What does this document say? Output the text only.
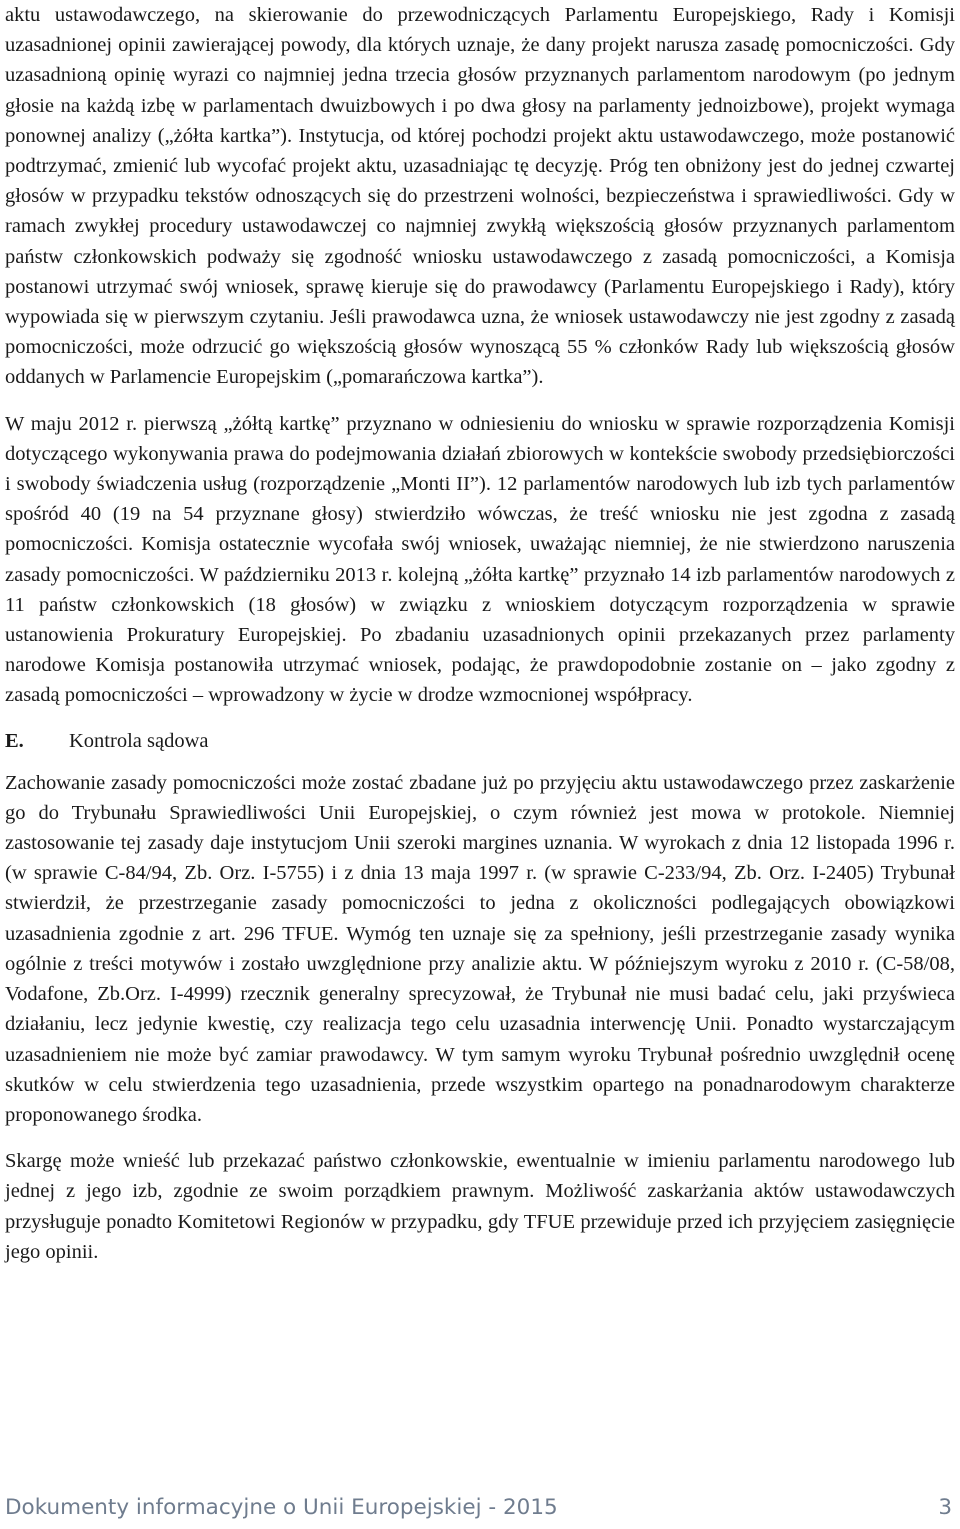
aktu ustawodawczego, na skierowanie do przewodniczących Parlamentu Europejskiego, Rady i Komisji uzasadnionej opinii zawierającej powody, dla których uznaje, że dany projekt narusza zasadę pomocniczości. Gdy uzasadnioną opinię wyrazi co najmniej jedna trzecia głosów przyznanych parlamentom narodowym (po jednym głosie na każdą izbę w parlamentach dwuizbowych i po dwa głosy na parlamenty jednoizbowe), projekt wymaga ponownej analizy („żółta kartka”). Instytucja, od której pochodzi projekt aktu ustawodawczego, może postanowić podtrzymać, zmienić lub wycofać projekt aktu, uzasadniając tę decyzję. Próg ten obniżony jest do jednej czwartej głosów w przypadku tekstów odnoszących się do przestrzeni wolności, bezpieczeństwa i sprawiedliwości. Gdy w ramach zwykłej procedury ustawodawczej co najmniej zwykłą większością głosów przyznanych parlamentom państw członkowskich podważy się zgodność wniosku ustawodawczego z zasadą pomocniczości, a Komisja postanowi utrzymać swój wniosek, sprawę kieruje się do prawodawcy (Parlamentu Europejskiego i Rady), który wypowiada się w pierwszym czytaniu. Jeśli prawodawca uzna, że wniosek ustawodawczy nie jest zgodny z zasadą pomocniczości, może odrzucić go większością głosów wynoszącą 55 % członków Rady lub większością głosów oddanych w Parlamencie Europejskim („pomarańczowa kartka”).

W maju 2012 r. pierwszą „żółtą kartkę” przyznano w odniesieniu do wniosku w sprawie rozporządzenia Komisji dotyczącego wykonywania prawa do podejmowania działań zbiorowych w kontekście swobody przedsiębiorczości i swobody świadczenia usług (rozporządzenie „Monti II”). 12 parlamentów narodowych lub izb tych parlamentów spośród 40 (19 na 54 przyznane głosy) stwierdziło wówczas, że treść wniosku nie jest zgodna z zasadą pomocniczości. Komisja ostatecznie wycofała swój wniosek, uważając niemniej, że nie stwierdzono naruszenia zasady pomocniczości. W październiku 2013 r. kolejną „żółta kartkę” przyznało 14 izb parlamentów narodowych z 11 państw członkowskich (18 głosów) w związku z wnioskiem dotyczącym rozporządzenia w sprawie ustanowienia Prokuratury Europejskiej. Po zbadaniu uzasadnionych opinii przekazanych przez parlamenty narodowe Komisja postanowiła utrzymać wniosek, podając, że prawdopodobnie zostanie on – jako zgodny z zasadą pomocniczości – wprowadzony w życie w drodze wzmocnionej współpracy.

E.	Kontrola sądowa

Zachowanie zasady pomocniczości może zostać zbadane już po przyjęciu aktu ustawodawczego przez zaskarżenie go do Trybunału Sprawiedliwości Unii Europejskiej, o czym również jest mowa w protokole. Niemniej zastosowanie tej zasady daje instytucjom Unii szeroki margines uznania. W wyrokach z dnia 12 listopada 1996 r. (w sprawie C-84/94, Zb. Orz. I-5755) i z dnia 13 maja 1997 r. (w sprawie C-233/94, Zb. Orz. I-2405) Trybunał stwierdził, że przestrzeganie zasady pomocniczości to jedna z okoliczności podlegających obowiązkowi uzasadnienia zgodnie z art. 296 TFUE. Wymóg ten uznaje się za spełniony, jeśli przestrzeganie zasady wynika ogólnie z treści motywów i zostało uwzględnione przy analizie aktu. W późniejszym wyroku z 2010 r. (C-58/08, Vodafone, Zb.Orz. I-4999) rzecznik generalny sprecyzował, że Trybunał nie musi badać celu, jaki przyświeca działaniu, lecz jedynie kwestię, czy realizacja tego celu uzasadnia interwencję Unii. Ponadto wystarczającym uzasadnieniem nie może być zamiar prawodawcy. W tym samym wyroku Trybunał pośrednio uwzględnił ocenę skutków w celu stwierdzenia tego uzasadnienia, przede wszystkim opartego na ponadnarodowym charakterze proponowanego środka.

Skargę może wnieść lub przekazać państwo członkowskie, ewentualnie w imieniu parlamentu narodowego lub jednej z jego izb, zgodnie ze swoim porządkiem prawnym. Możliwość zaskarżania aktów ustawodawczych przysługuje ponadto Komitetowi Regionów w przypadku, gdy TFUE przewiduje przed ich przyjęciem zasięgnięcie jego opinii.

Dokumenty informacyjne o Unii Europejskiej - 2015	3
